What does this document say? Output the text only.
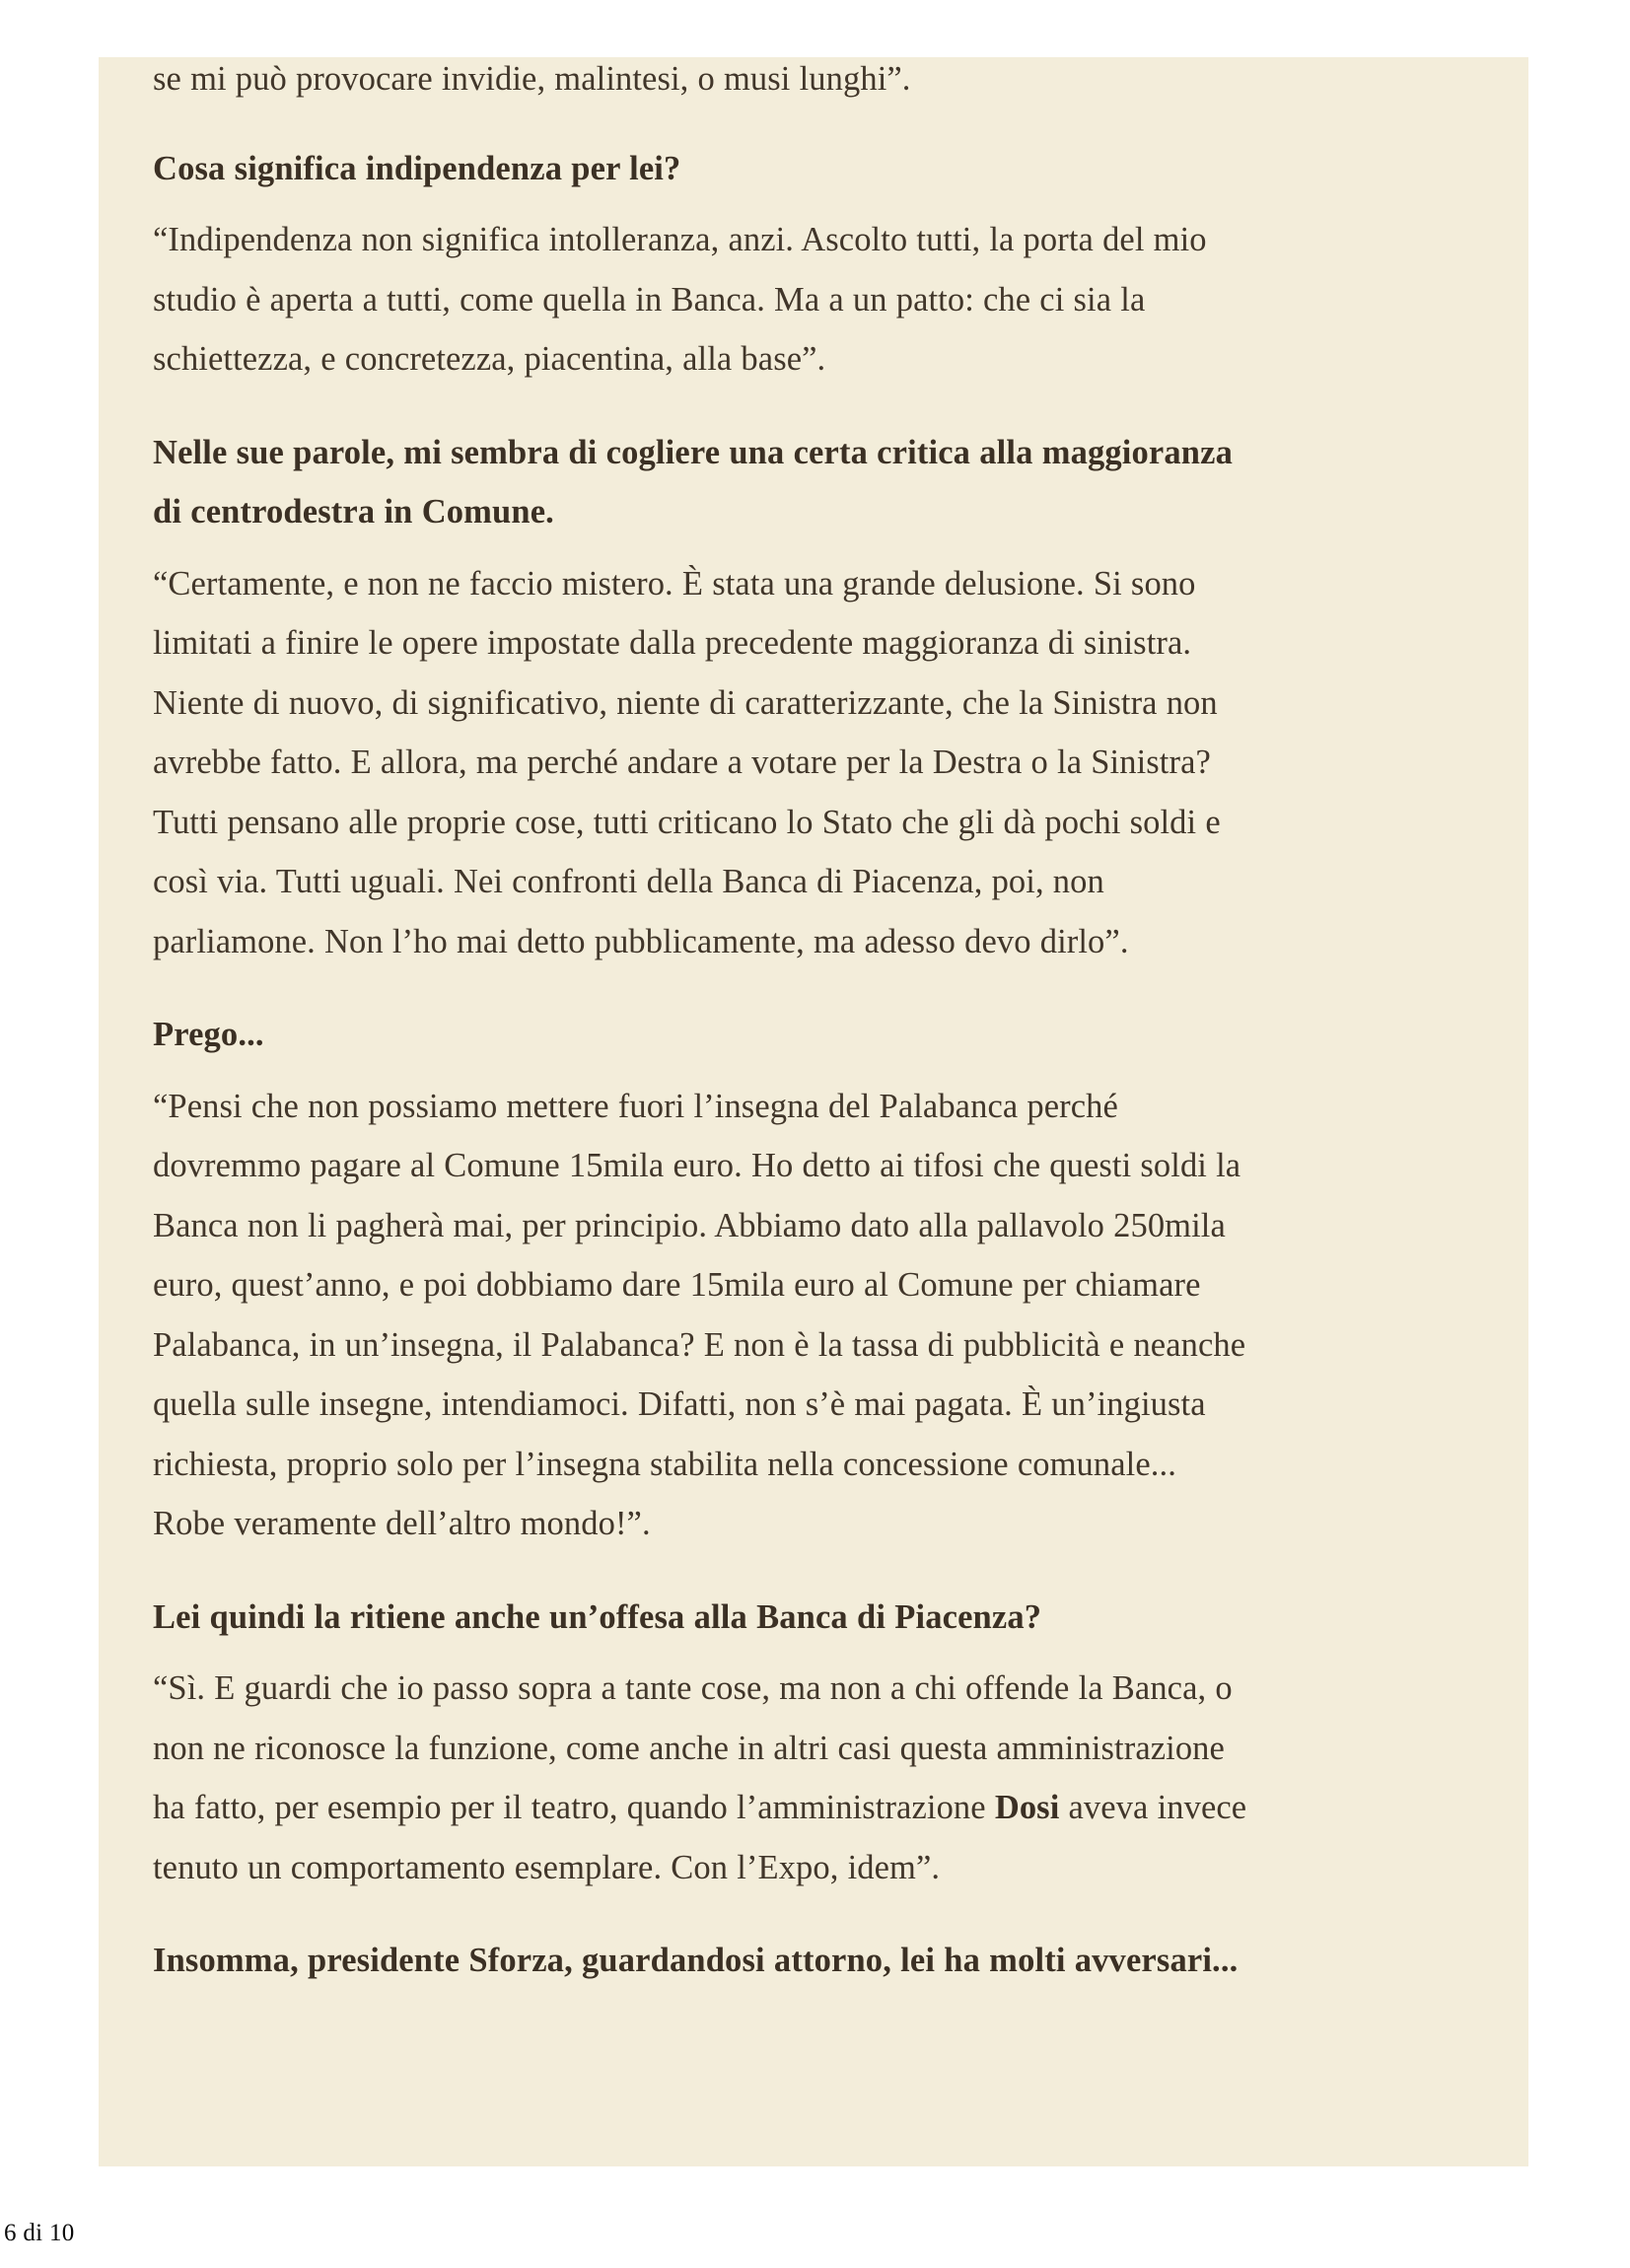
se mi può provocare invidie, malintesi, o musi lunghi”.

Cosa significa indipendenza per lei?

“Indipendenza non significa intolleranza, anzi. Ascolto tutti, la porta del mio studio è aperta a tutti, come quella in Banca. Ma a un patto: che ci sia la schiettezza, e concretezza, piacentina, alla base”.

Nelle sue parole, mi sembra di cogliere una certa critica alla maggioranza di centrodestra in Comune.

“Certamente, e non ne faccio mistero. È stata una grande delusione. Si sono limitati a finire le opere impostate dalla precedente maggioranza di sinistra. Niente di nuovo, di significativo, niente di caratterizzante, che la Sinistra non avrebbe fatto. E allora, ma perché andare a votare per la Destra o la Sinistra? Tutti pensano alle proprie cose, tutti criticano lo Stato che gli dà pochi soldi e così via. Tutti uguali. Nei confronti della Banca di Piacenza, poi, non parliamone. Non l’ho mai detto pubblicamente, ma adesso devo dirlo”.

Prego...

“Pensi che non possiamo mettere fuori l’insegna del Palabanca perché dovremmo pagare al Comune 15mila euro. Ho detto ai tifosi che questi soldi la Banca non li pagherà mai, per principio. Abbiamo dato alla pallavolo 250mila euro, quest’anno, e poi dobbiamo dare 15mila euro al Comune per chiamare Palabanca, in un’insegna, il Palabanca? E non è la tassa di pubblicità e neanche quella sulle insegne, intendiamoci. Difatti, non s’è mai pagata. È un’ingiusta richiesta, proprio solo per l’insegna stabilita nella concessione comunale... Robe veramente dell’altro mondo!”.

Lei quindi la ritiene anche un’offesa alla Banca di Piacenza?

“Sì. E guardi che io passo sopra a tante cose, ma non a chi offende la Banca, o non ne riconosce la funzione, come anche in altri casi questa amministrazione ha fatto, per esempio per il teatro, quando l’amministrazione Dosi aveva invece tenuto un comportamento esemplare. Con l’Expo, idem”.

Insomma, presidente Sforza, guardandosi attorno, lei ha molti avversari...

6 di 10
